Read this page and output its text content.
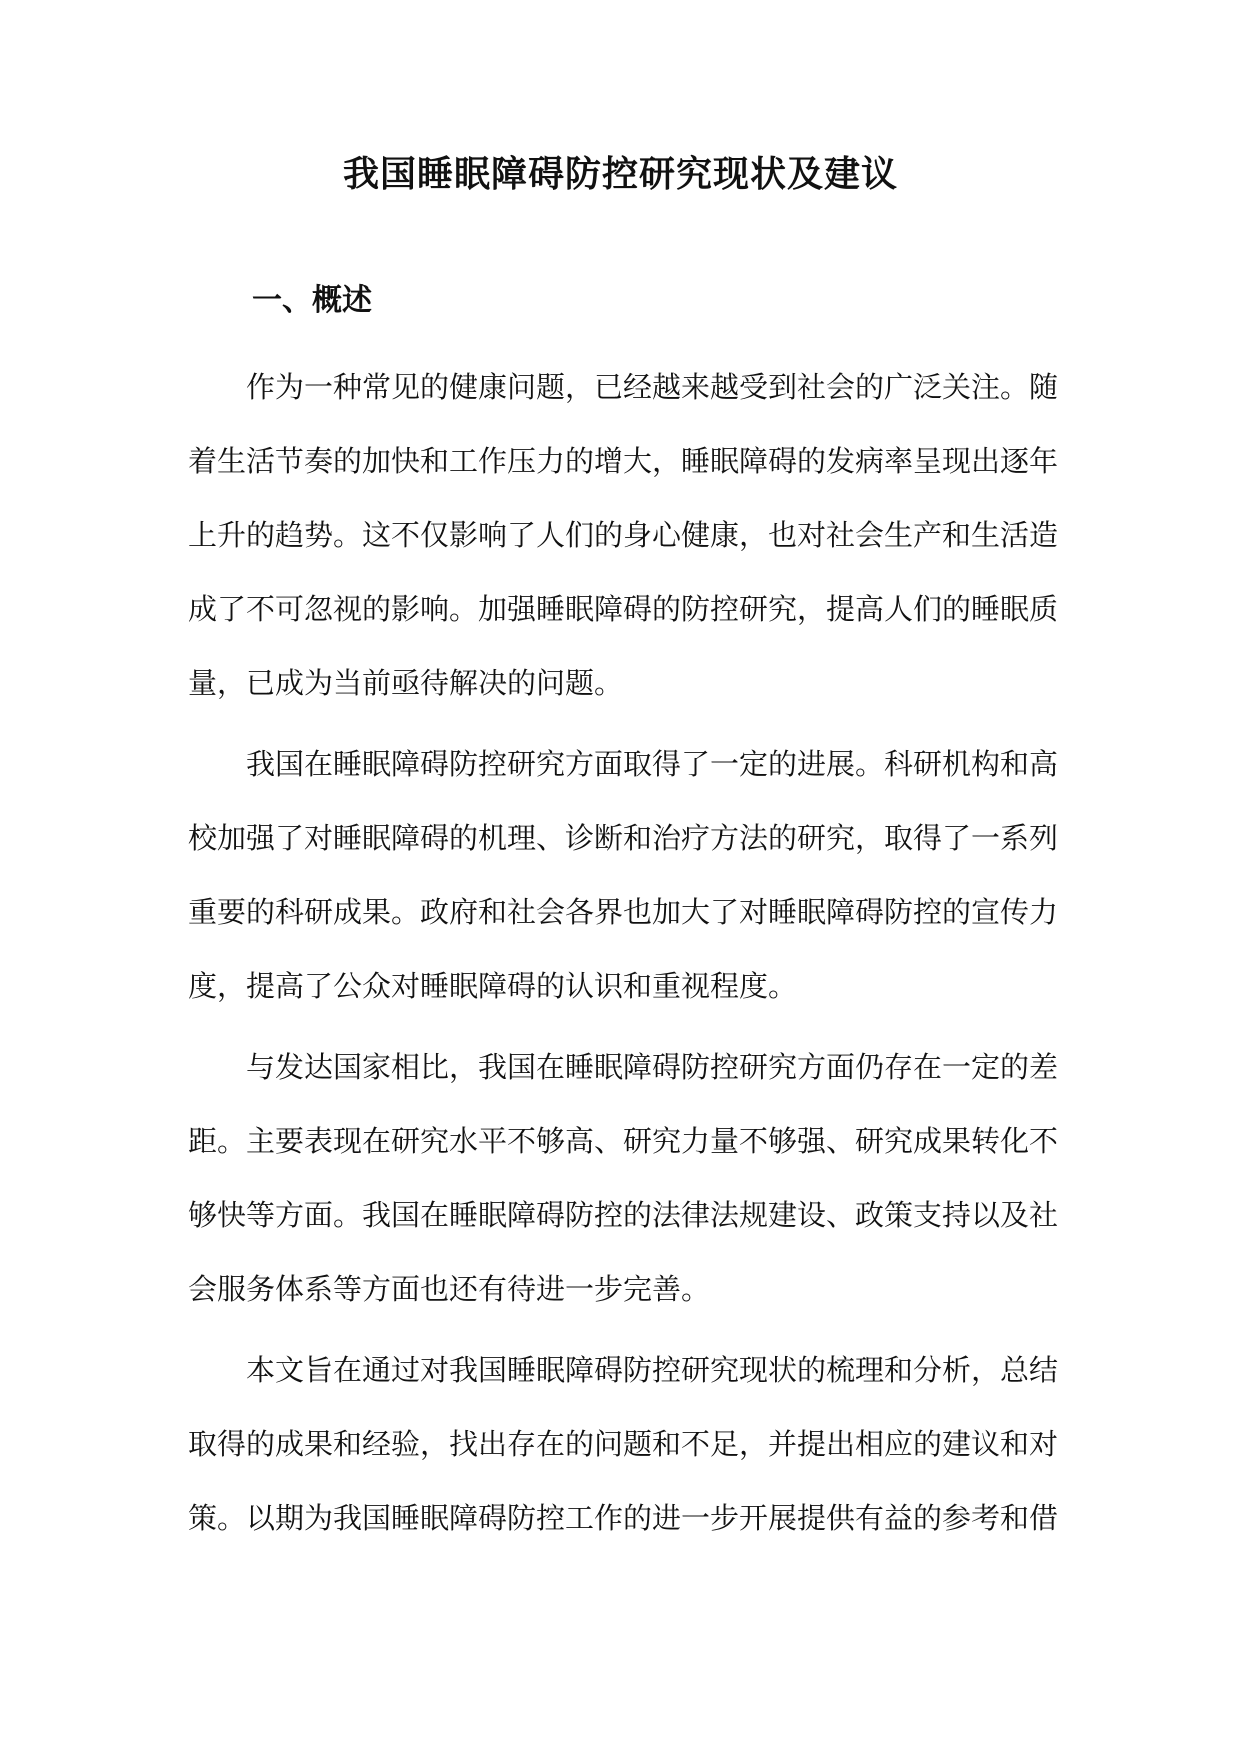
我国睡眠障碍防控研究现状及建议
一、概述
作为一种常见的健康问题，已经越来越受到社会的广泛关注。随
着生活节奏的加快和工作压力的增大，睡眠障碍的发病率呈现出逐年
上升的趋势。这不仅影响了人们的身心健康，也对社会生产和生活造
成了不可忽视的影响。加强睡眠障碍的防控研究，提高人们的睡眠质
量，已成为当前亟待解决的问题。
我国在睡眠障碍防控研究方面取得了一定的进展。科研机构和高
校加强了对睡眠障碍的机理、诊断和治疗方法的研究，取得了一系列
重要的科研成果。政府和社会各界也加大了对睡眠障碍防控的宣传力
度，提高了公众对睡眠障碍的认识和重视程度。
与发达国家相比，我国在睡眠障碍防控研究方面仍存在一定的差
距。主要表现在研究水平不够高、研究力量不够强、研究成果转化不
够快等方面。我国在睡眠障碍防控的法律法规建设、政策支持以及社
会服务体系等方面也还有待进一步完善。
本文旨在通过对我国睡眠障碍防控研究现状的梳理和分析，总结
取得的成果和经验，找出存在的问题和不足，并提出相应的建议和对
策。以期为我国睡眠障碍防控工作的进一步开展提供有益的参考和借
